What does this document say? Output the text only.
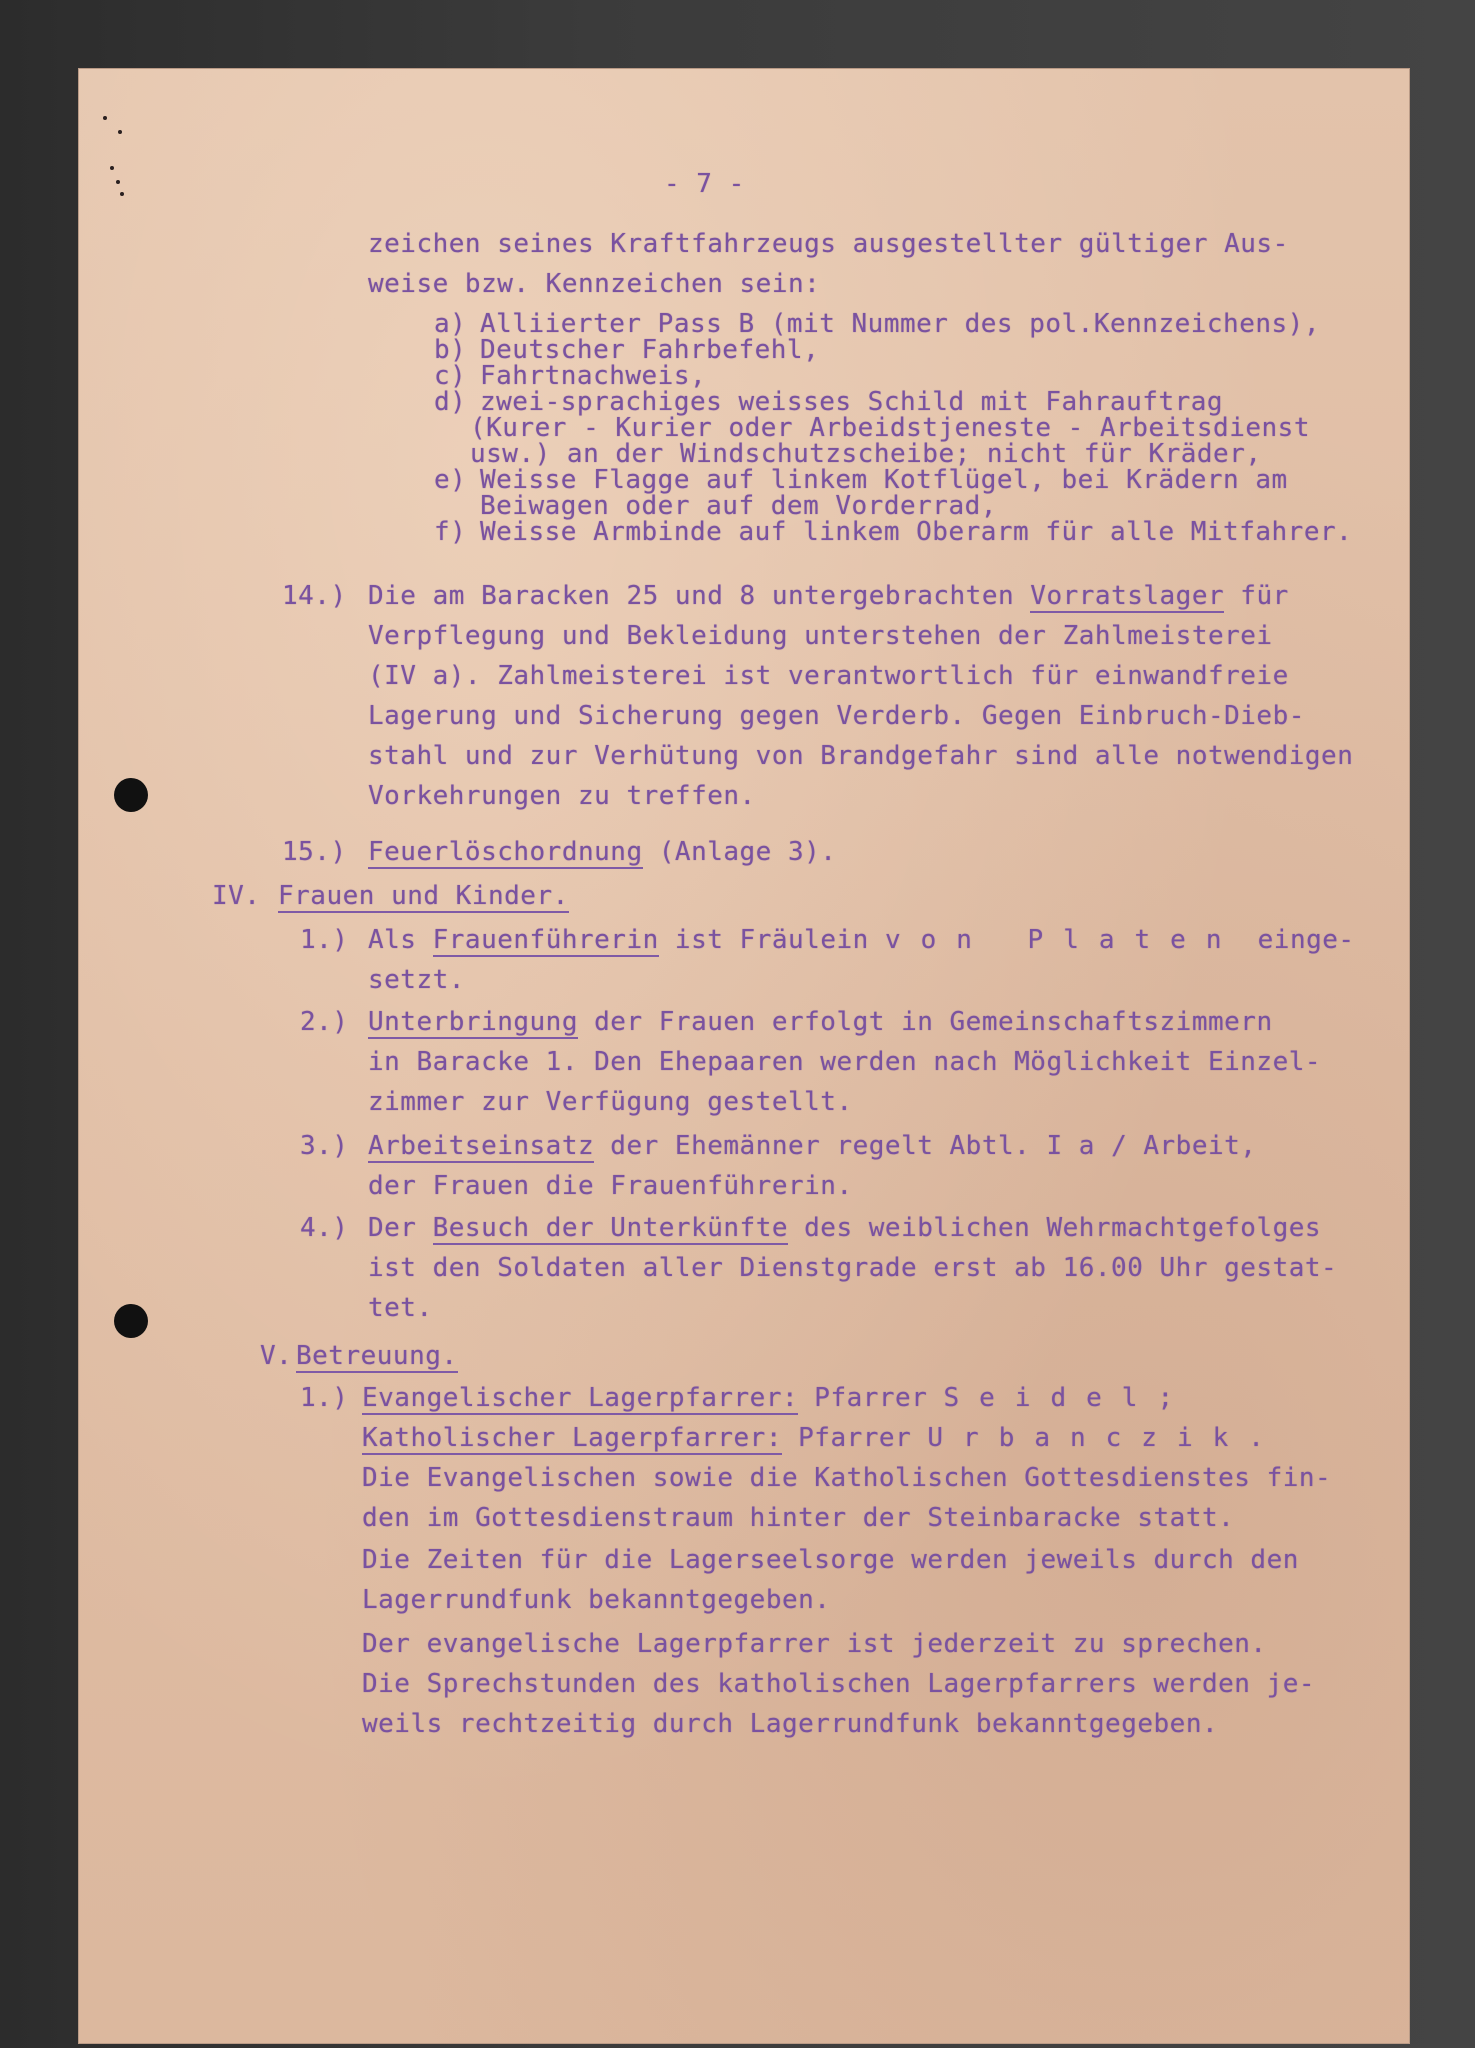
- 7 -
zeichen seines Kraftfahrzeugs ausgestellter gültiger Aus-
weise bzw. Kennzeichen sein:
a) Alliierter Pass B (mit Nummer des pol.Kennzeichens),
b) Deutscher Fahrbefehl,
c) Fahrtnachweis,
d) zwei-sprachiges weisses Schild mit Fahrauftrag
(Kurer - Kurier oder Arbeidstjeneste - Arbeitsdienst
usw.) an der Windschutzscheibe; nicht für Kräder,
e) Weisse Flagge auf linkem Kotflügel, bei Krädern am
Beiwagen oder auf dem Vorderrad,
f) Weisse Armbinde auf linkem Oberarm für alle Mitfahrer.
14.) Die am Baracken 25 und 8 untergebrachten Vorratslager für
Verpflegung und Bekleidung unterstehen der Zahlmeisterei
(IV a). Zahlmeisterei ist verantwortlich für einwandfreie
Lagerung und Sicherung gegen Verderb. Gegen Einbruch-Dieb-
stahl und zur Verhütung von Brandgefahr sind alle notwendigen
Vorkehrungen zu treffen.
15.) Feuerlöschordnung (Anlage 3).
IV. Frauen und Kinder.
1.) Als Frauenführerin ist Fräulein von Platen einge-
setzt.
2.) Unterbringung der Frauen erfolgt in Gemeinschaftszimmern
in Baracke 1. Den Ehepaaren werden nach Möglichkeit Einzel-
zimmer zur Verfügung gestellt.
3.) Arbeitseinsatz der Ehemänner regelt Abtl. I a / Arbeit,
der Frauen die Frauenführerin.
4.) Der Besuch der Unterkünfte des weiblichen Wehrmachtgefolges
ist den Soldaten aller Dienstgrade erst ab 16.00 Uhr gestat-
tet.
V. Betreuung.
1.) Evangelischer Lagerpfarrer: Pfarrer Seidel;
Katholischer Lagerpfarrer: Pfarrer Urbanczik.
Die Evangelischen sowie die Katholischen Gottesdienstes fin-
den im Gottesdienstraum hinter der Steinbaracke statt.
Die Zeiten für die Lagerseelsorge werden jeweils durch den
Lagerrundfunk bekanntgegeben.
Der evangelische Lagerpfarrer ist jederzeit zu sprechen.
Die Sprechstunden des katholischen Lagerpfarrers werden je-
weils rechtzeitig durch Lagerrundfunk bekanntgegeben.
